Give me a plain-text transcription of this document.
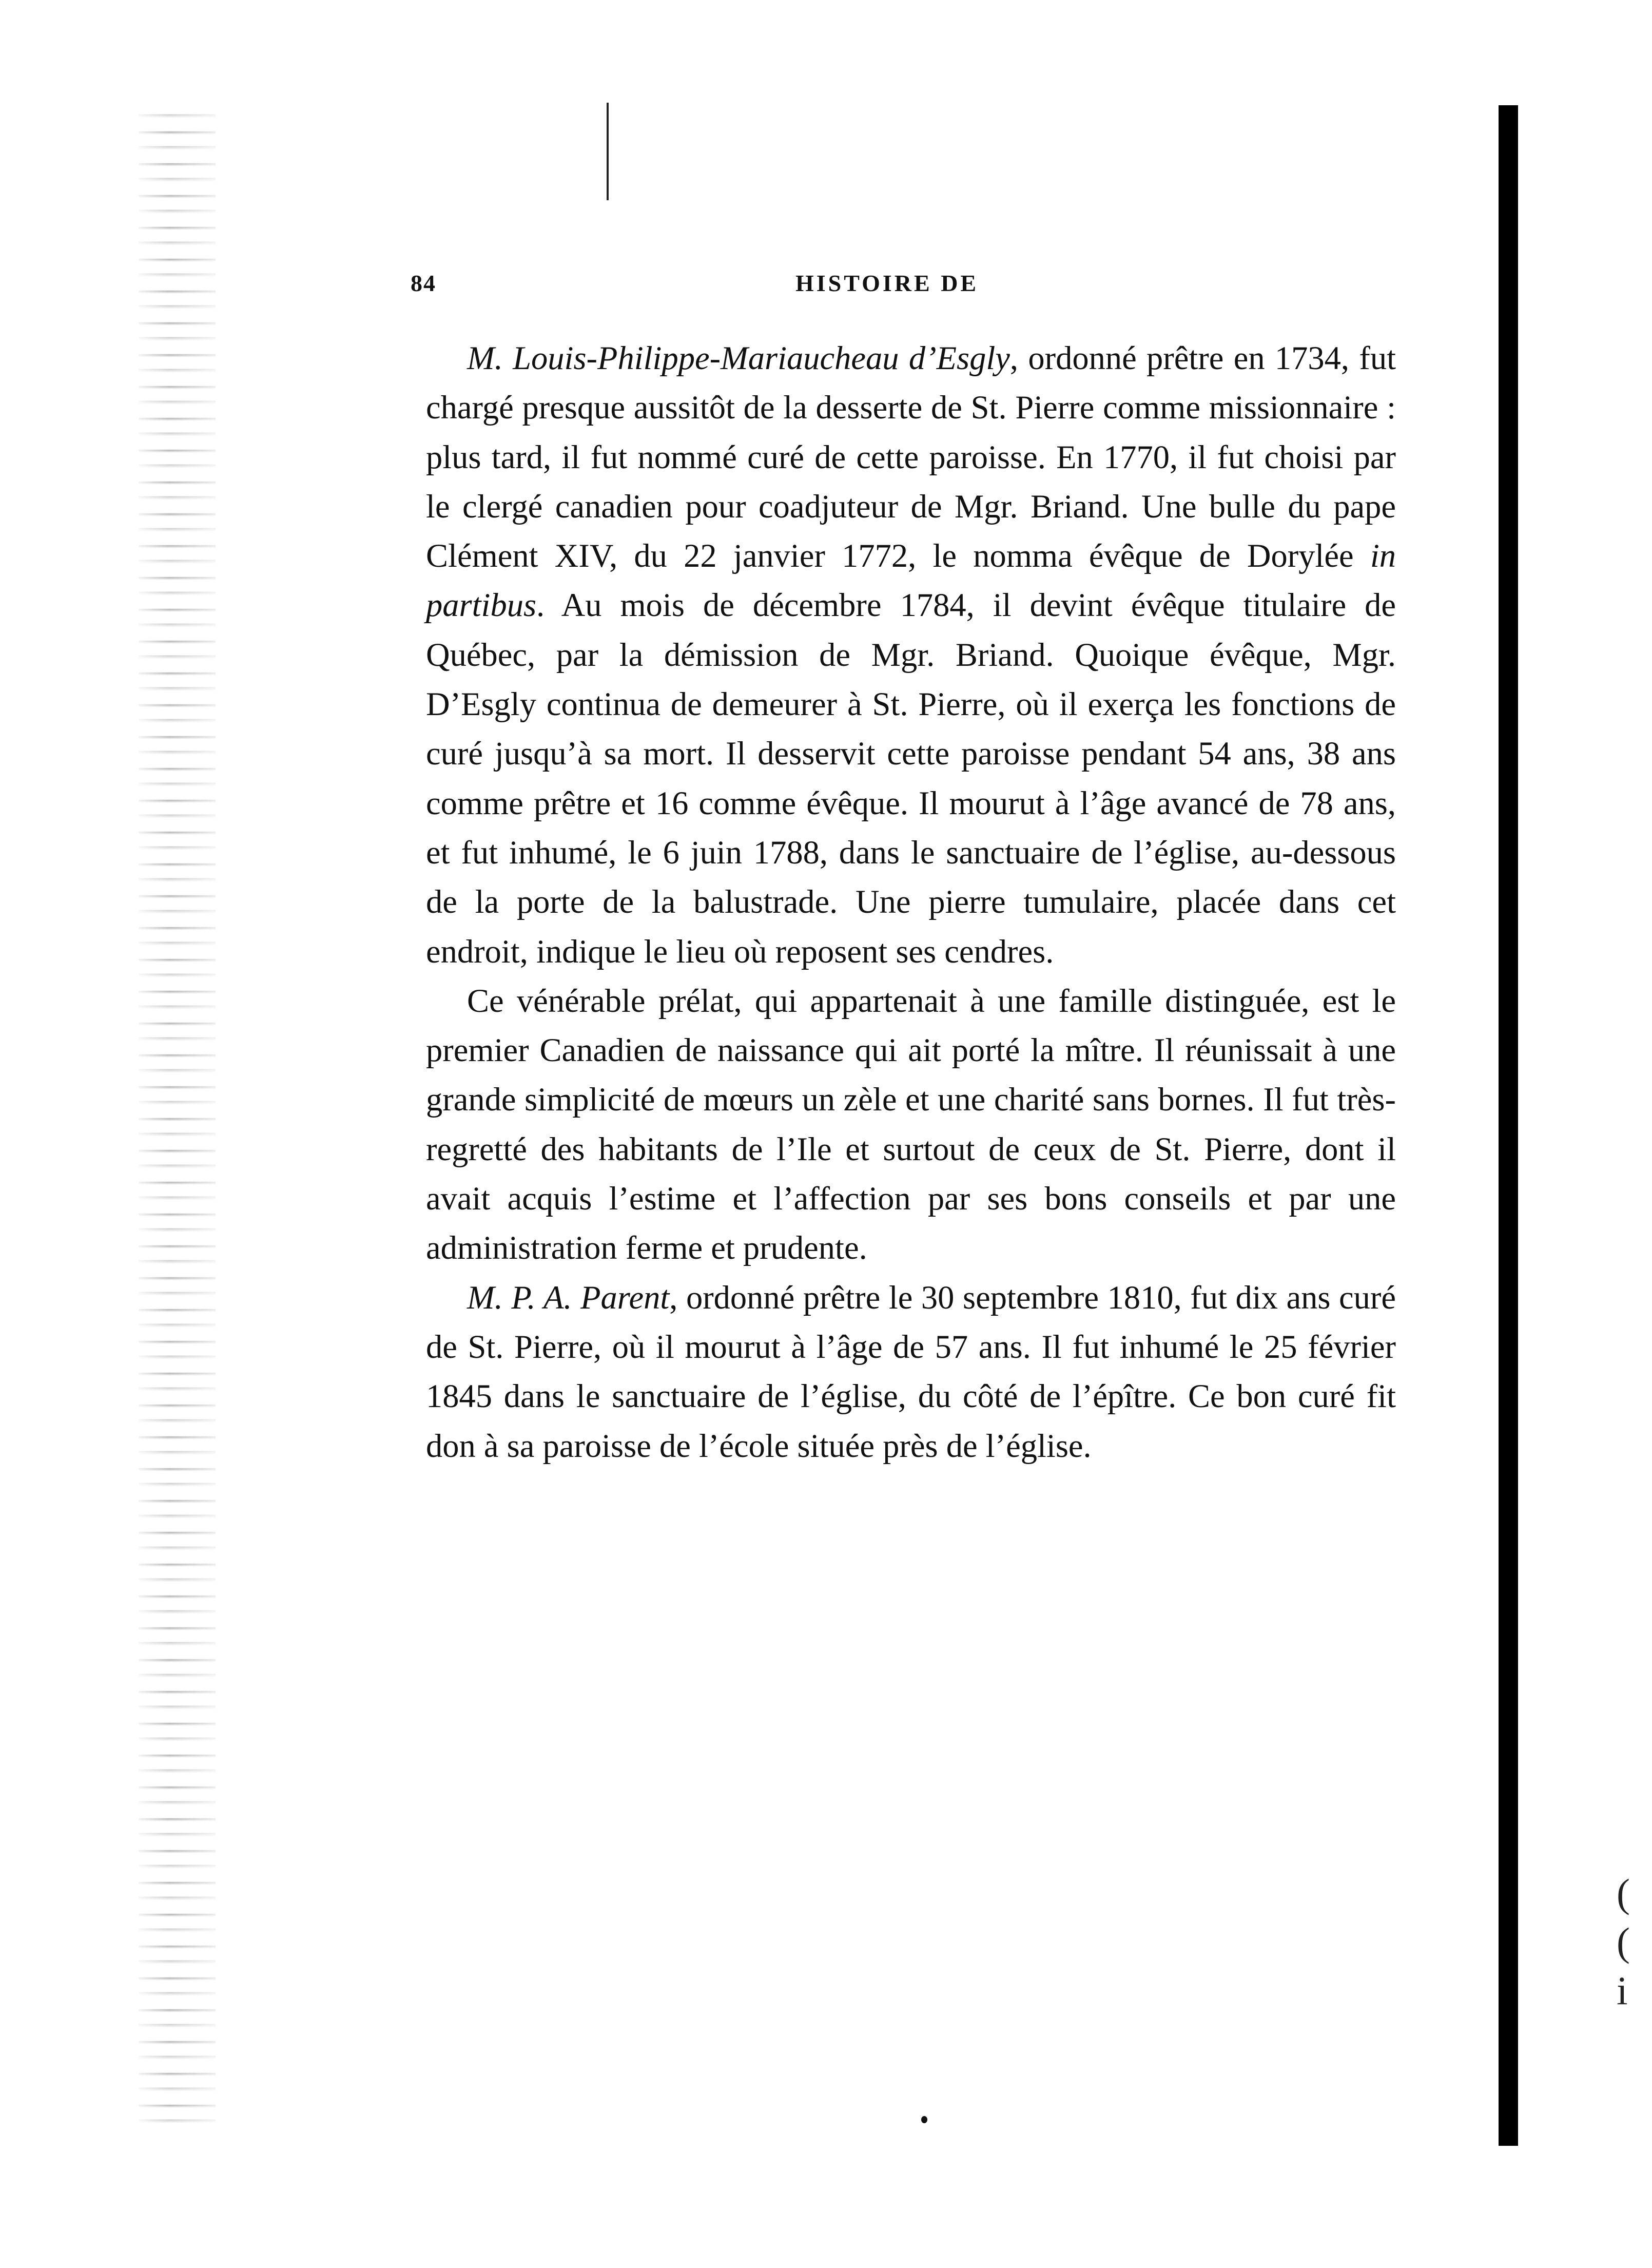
(
(
i
84	HISTOIRE DE

M. Louis-Philippe-Mariaucheau d’Esgly, ordonné prêtre en 1734, fut chargé presque aussitôt de la desserte de St. Pierre comme missionnaire : plus tard, il fut nommé curé de cette paroisse. En 1770, il fut choisi par le clergé canadien pour coadjuteur de Mgr. Briand. Une bulle du pape Clément XIV, du 22 janvier 1772, le nomma évêque de Dorylée in partibus. Au mois de décembre 1784, il devint évêque titulaire de Québec, par la démission de Mgr. Briand. Quoique évêque, Mgr. D’Esgly continua de demeurer à St. Pierre, où il exerça les fonctions de curé jusqu’à sa mort. Il desservit cette paroisse pendant 54 ans, 38 ans comme prêtre et 16 comme évêque. Il mourut à l’âge avancé de 78 ans, et fut inhumé, le 6 juin 1788, dans le sanctuaire de l’église, au-dessous de la porte de la balustrade. Une pierre tumulaire, placée dans cet endroit, indique le lieu où reposent ses cendres.

Ce vénérable prélat, qui appartenait à une famille distinguée, est le premier Canadien de naissance qui ait porté la mître. Il réunissait à une grande simplicité de mœurs un zèle et une charité sans bornes. Il fut très-regretté des habitants de l’Ile et surtout de ceux de St. Pierre, dont il avait acquis l’estime et l’affection par ses bons conseils et par une administration ferme et prudente.

M. P. A. Parent, ordonné prêtre le 30 septembre 1810, fut dix ans curé de St. Pierre, où il mourut à l’âge de 57 ans. Il fut inhumé le 25 février 1845 dans le sanctuaire de l’église, du côté de l’épître. Ce bon curé fit don à sa paroisse de l’école située près de l’église.
